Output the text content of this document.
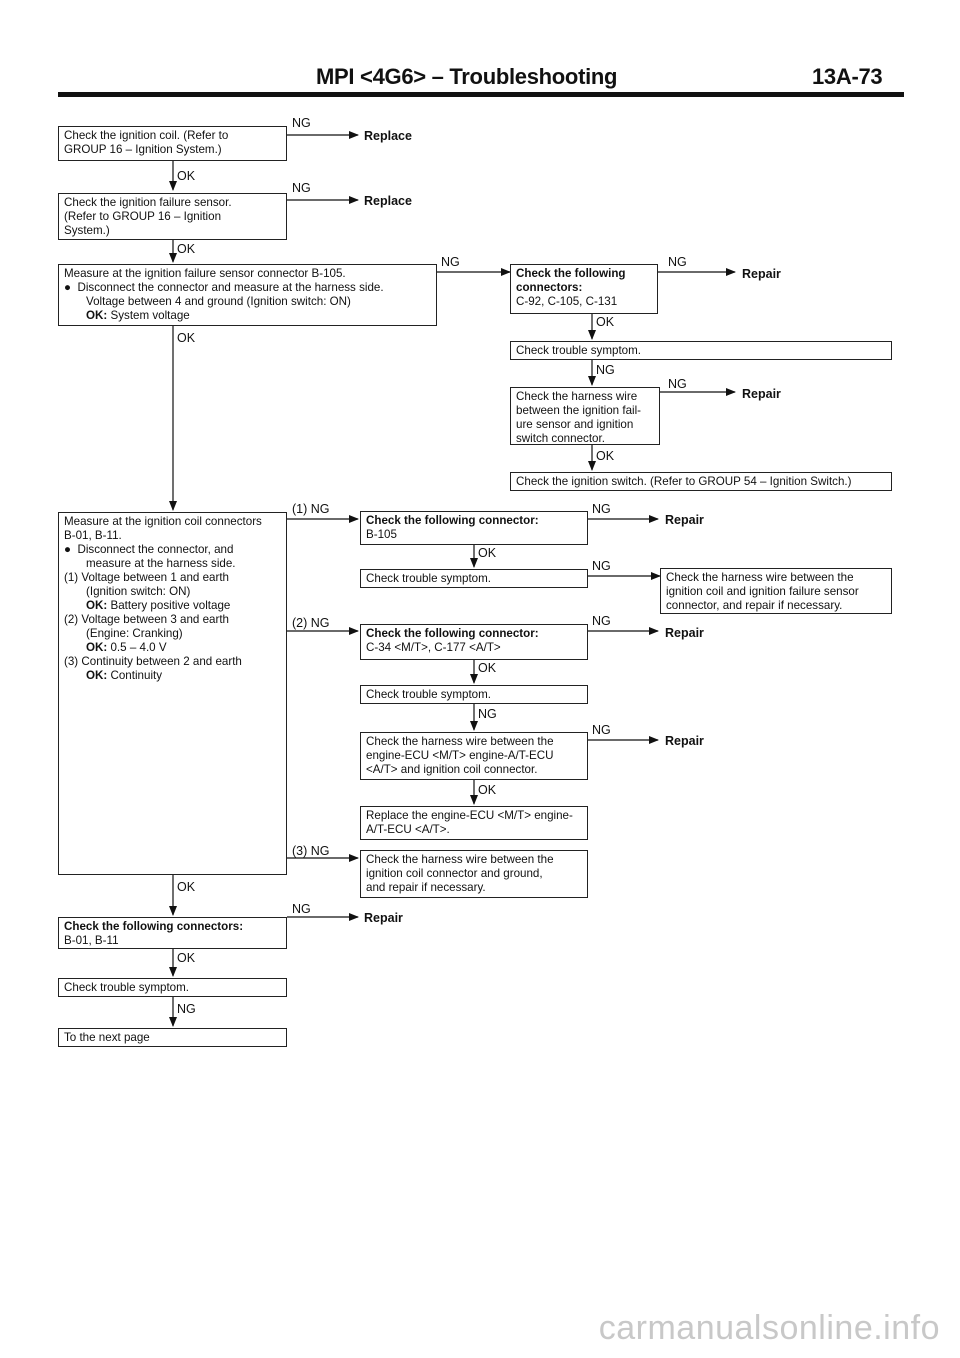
MPI <4G6> – Troubleshooting	13A-73
Check the ignition coil. (Refer to
GROUP 16 – Ignition System.)
Check the ignition failure sensor.
(Refer to GROUP 16 – Ignition
System.)
Measure at the ignition failure sensor connector B-105.
●  Disconnect the connector and measure at the harness side.
Voltage between 4 and ground (Ignition switch: ON)
OK: System voltage
Measure at the ignition coil connectors
B-01, B-11.
●  Disconnect the connector, and
measure at the harness side.
(1) Voltage between 1 and earth
(Ignition switch: ON)
OK: Battery positive voltage
(2) Voltage between 3 and earth
(Engine: Cranking)
OK: 0.5 – 4.0 V
(3) Continuity between 2 and earth
OK: Continuity
Check the following connectors:
B-01, B-11
Check trouble symptom.
To the next page
Check the following
connectors:
C-92, C-105, C-131
Check trouble symptom.
Check the harness wire
between the ignition fail-
ure sensor and ignition
switch connector.
Check the ignition switch. (Refer to GROUP 54 – Ignition Switch.)
Check the following connector:
B-105
Check trouble symptom.
Check the following connector:
C-34 <M/T>, C-177 <A/T>
Check trouble symptom.
Check the harness wire between the
engine-ECU <M/T> engine-A/T-ECU
<A/T> and ignition coil connector.
Replace the engine-ECU <M/T> engine-
A/T-ECU <A/T>.
Check the harness wire between the
ignition coil connector and ground,
and repair if necessary.
Check the harness wire between the
ignition coil and ignition failure sensor
connector, and repair if necessary.
NG
OK
NG
OK
NG	NG
OK
OK
NG
NG
OK
(1) NG	NG
OK
NG
(2) NG	NG
OK
NG
NG
OK
(3) NG
OK
NG
OK
NG
Replace
Replace
Repair
Repair
Repair
Repair
Repair
Repair
carmanualsonline.info
